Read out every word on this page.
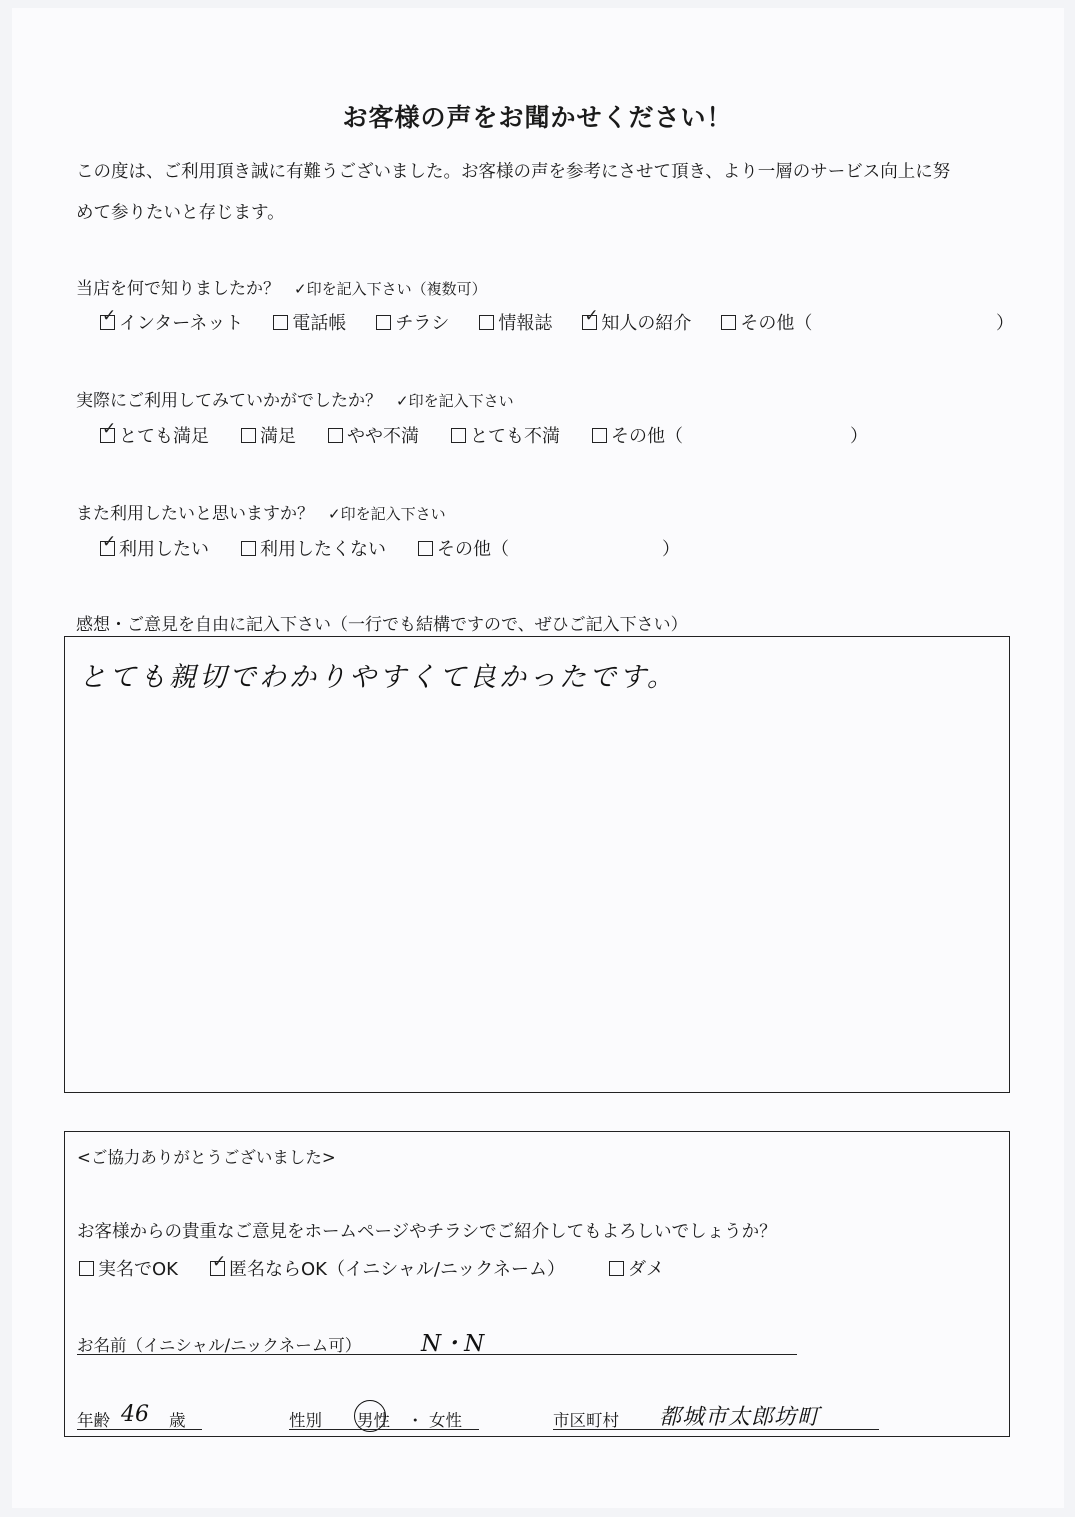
お客様の声をお聞かせください！
この度は、ご利用頂き誠に有難うございました。お客様の声を参考にさせて頂き、より一層のサービス向上に努
めて参りたいと存じます。
当店を何で知りましたか？ ✓印を記入下さい（複数可）
✓
インターネット	電話帳	チラシ	情報誌 ✓	知人の紹介	その他（	）
実際にご利用してみていかがでしたか？ ✓印を記入下さい
✓
とても満足	満足	やや不満	とても不満	その他（	）
また利用したいと思いますか？ ✓印を記入下さい
✓
利用したい	利用したくない	その他（	）
感想・ご意見を自由に記入下さい（一行でも結構ですので、ぜひご記入下さい）
とても親切でわかりやすくて良かったです。
<ご協力ありがとうございました>
お客様からの貴重なご意見をホームページやチラシでご紹介してもよろしいでしょうか？
実名でOK ✓	匿名ならOK（イニシャル/ニックネーム）	ダメ
お名前（イニシャル/ニックネーム可）	N・N
年齢 46 歳	性別 男性 ・ 女性	市区町村 都城市太郎坊町
